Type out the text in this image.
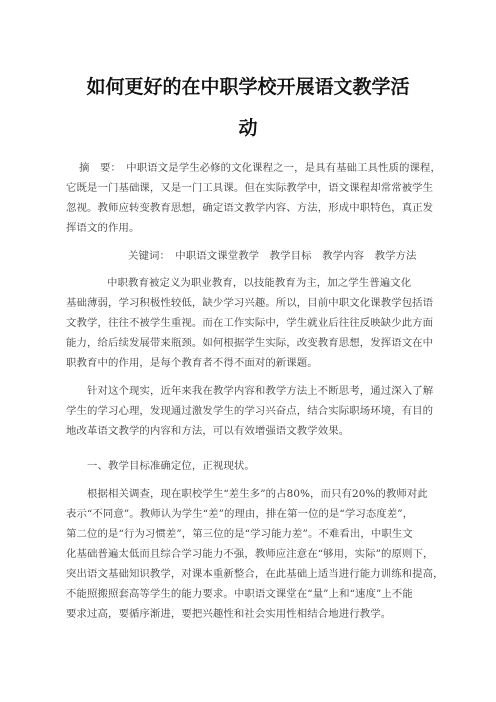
如何更好的在中职学校开展语文教学活
动
摘　要：　中职语文是学生必修的文化课程之一，是具有基础工具性质的课程，
它既是一门基础课，又是一门工具课。但在实际教学中，语文课程却常常被学生
忽视。教师应转变教育思想，确定语文教学内容、方法，形成中职特色，真正发
挥语文的作用。
关键词：　中职语文课堂教学　教学目标　教学内容　教学方法
中职教育被定义为职业教育，以技能教育为主，加之学生普遍文化
基础薄弱，学习积极性较低，缺少学习兴趣。所以，目前中职文化课教学包括语
文教学，往往不被学生重视。而在工作实际中，学生就业后往往反映缺少此方面
能力，给后续发展带来瓶颈。如何根据学生实际，改变教育思想，发挥语文在中
职教育中的作用，是每个教育者不得不面对的新课题。
针对这个现实，近年来我在教学内容和教学方法上不断思考，通过深入了解
学生的学习心理，发现通过激发学生的学习兴奋点，结合实际职场环境，有目的
地改革语文教学的内容和方法，可以有效增强语文教学效果。
一、教学目标准确定位，正视现状。
根据相关调查，现在职校学生“差生多”的占80%，而只有20%的教师对此
表示“不同意”。教师认为学生“差”的理由，排在第一位的是“学习态度差”，
第二位的是“行为习惯差”，第三位的是“学习能力差”。不难看出，中职生文
化基础普遍太低而且综合学习能力不强，教师应注意在“够用，实际”的原则下，
突出语文基础知识教学，对课本重新整合，在此基础上适当进行能力训练和提高，
不能照搬照套高等学生的能力要求。中职语文课堂在“量”上和“速度”上不能
要求过高，要循序渐进，要把兴趣性和社会实用性相结合地进行教学。
